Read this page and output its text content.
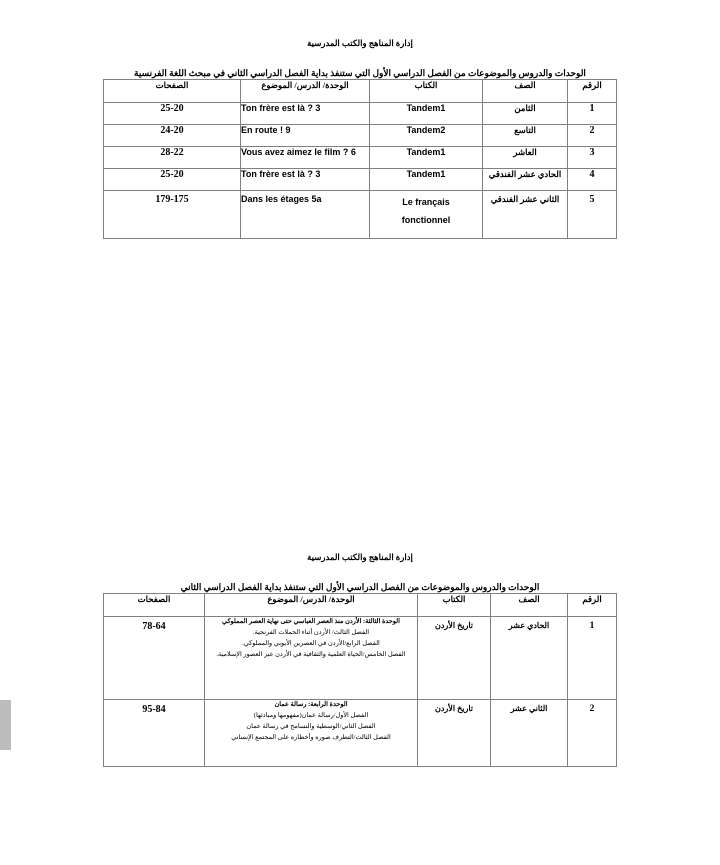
إدارة المناهج والكتب المدرسية
الوحدات والدروس والموضوعات من الفصل الدراسي الأول التي ستنفذ بداية الفصل الدراسي الثاني في مبحث اللغة الفرنسية
الرقم	الصف	الكتاب	الوحدة/ الدرس/ الموضوع	الصفحات
1	الثامن	Tandem1	Ton frère est là ? 3	25-20
2	التاسع	Tandem2	En route ! 9	24-20
3	العاشر	Tandem1	Vous avez aimez le film ? 6	28-22
4	الحادي عشر الفندقي	Tandem1	Ton frère est là ? 3	25-20
5	الثاني عشر الفندقي	Le français
fonctionnel	Dans les étages 5a	179-175
إدارة المناهج والكتب المدرسية
الوحدات والدروس والموضوعات من الفصل الدراسي الأول التي ستنفذ بداية الفصل الدراسي الثاني
الرقم	الصف	الكتاب	الوحدة/ الدرس/ الموضوع	الصفحات
1	الحادي عشر	تاريخ الأردن	الوحدة الثالثة: الأردن منذ العصر العباسي حتى نهاية العصر المملوكي
الفصل الثالث/ الأردن أثناء الحملات الفرنجية.
الفصل الرابع/الأردن في العصرين الأيوبي والمملوكي.
الفصل الخامس/الحياة العلمية والثقافية في الأردن عبر العصور الإسلامية.	78-64
2	الثاني عشر	تاريخ الأردن	الوحدة الرابعة: رسالة عمان
الفصل الأول/رسالة عمان(مفهومها ومبادئها)
الفصل الثاني/الوسطية والتسامح في رسالة عمان
الفصل الثالث/التطرف صوره وأخطاره على المجتمع الإنساني	95-84
